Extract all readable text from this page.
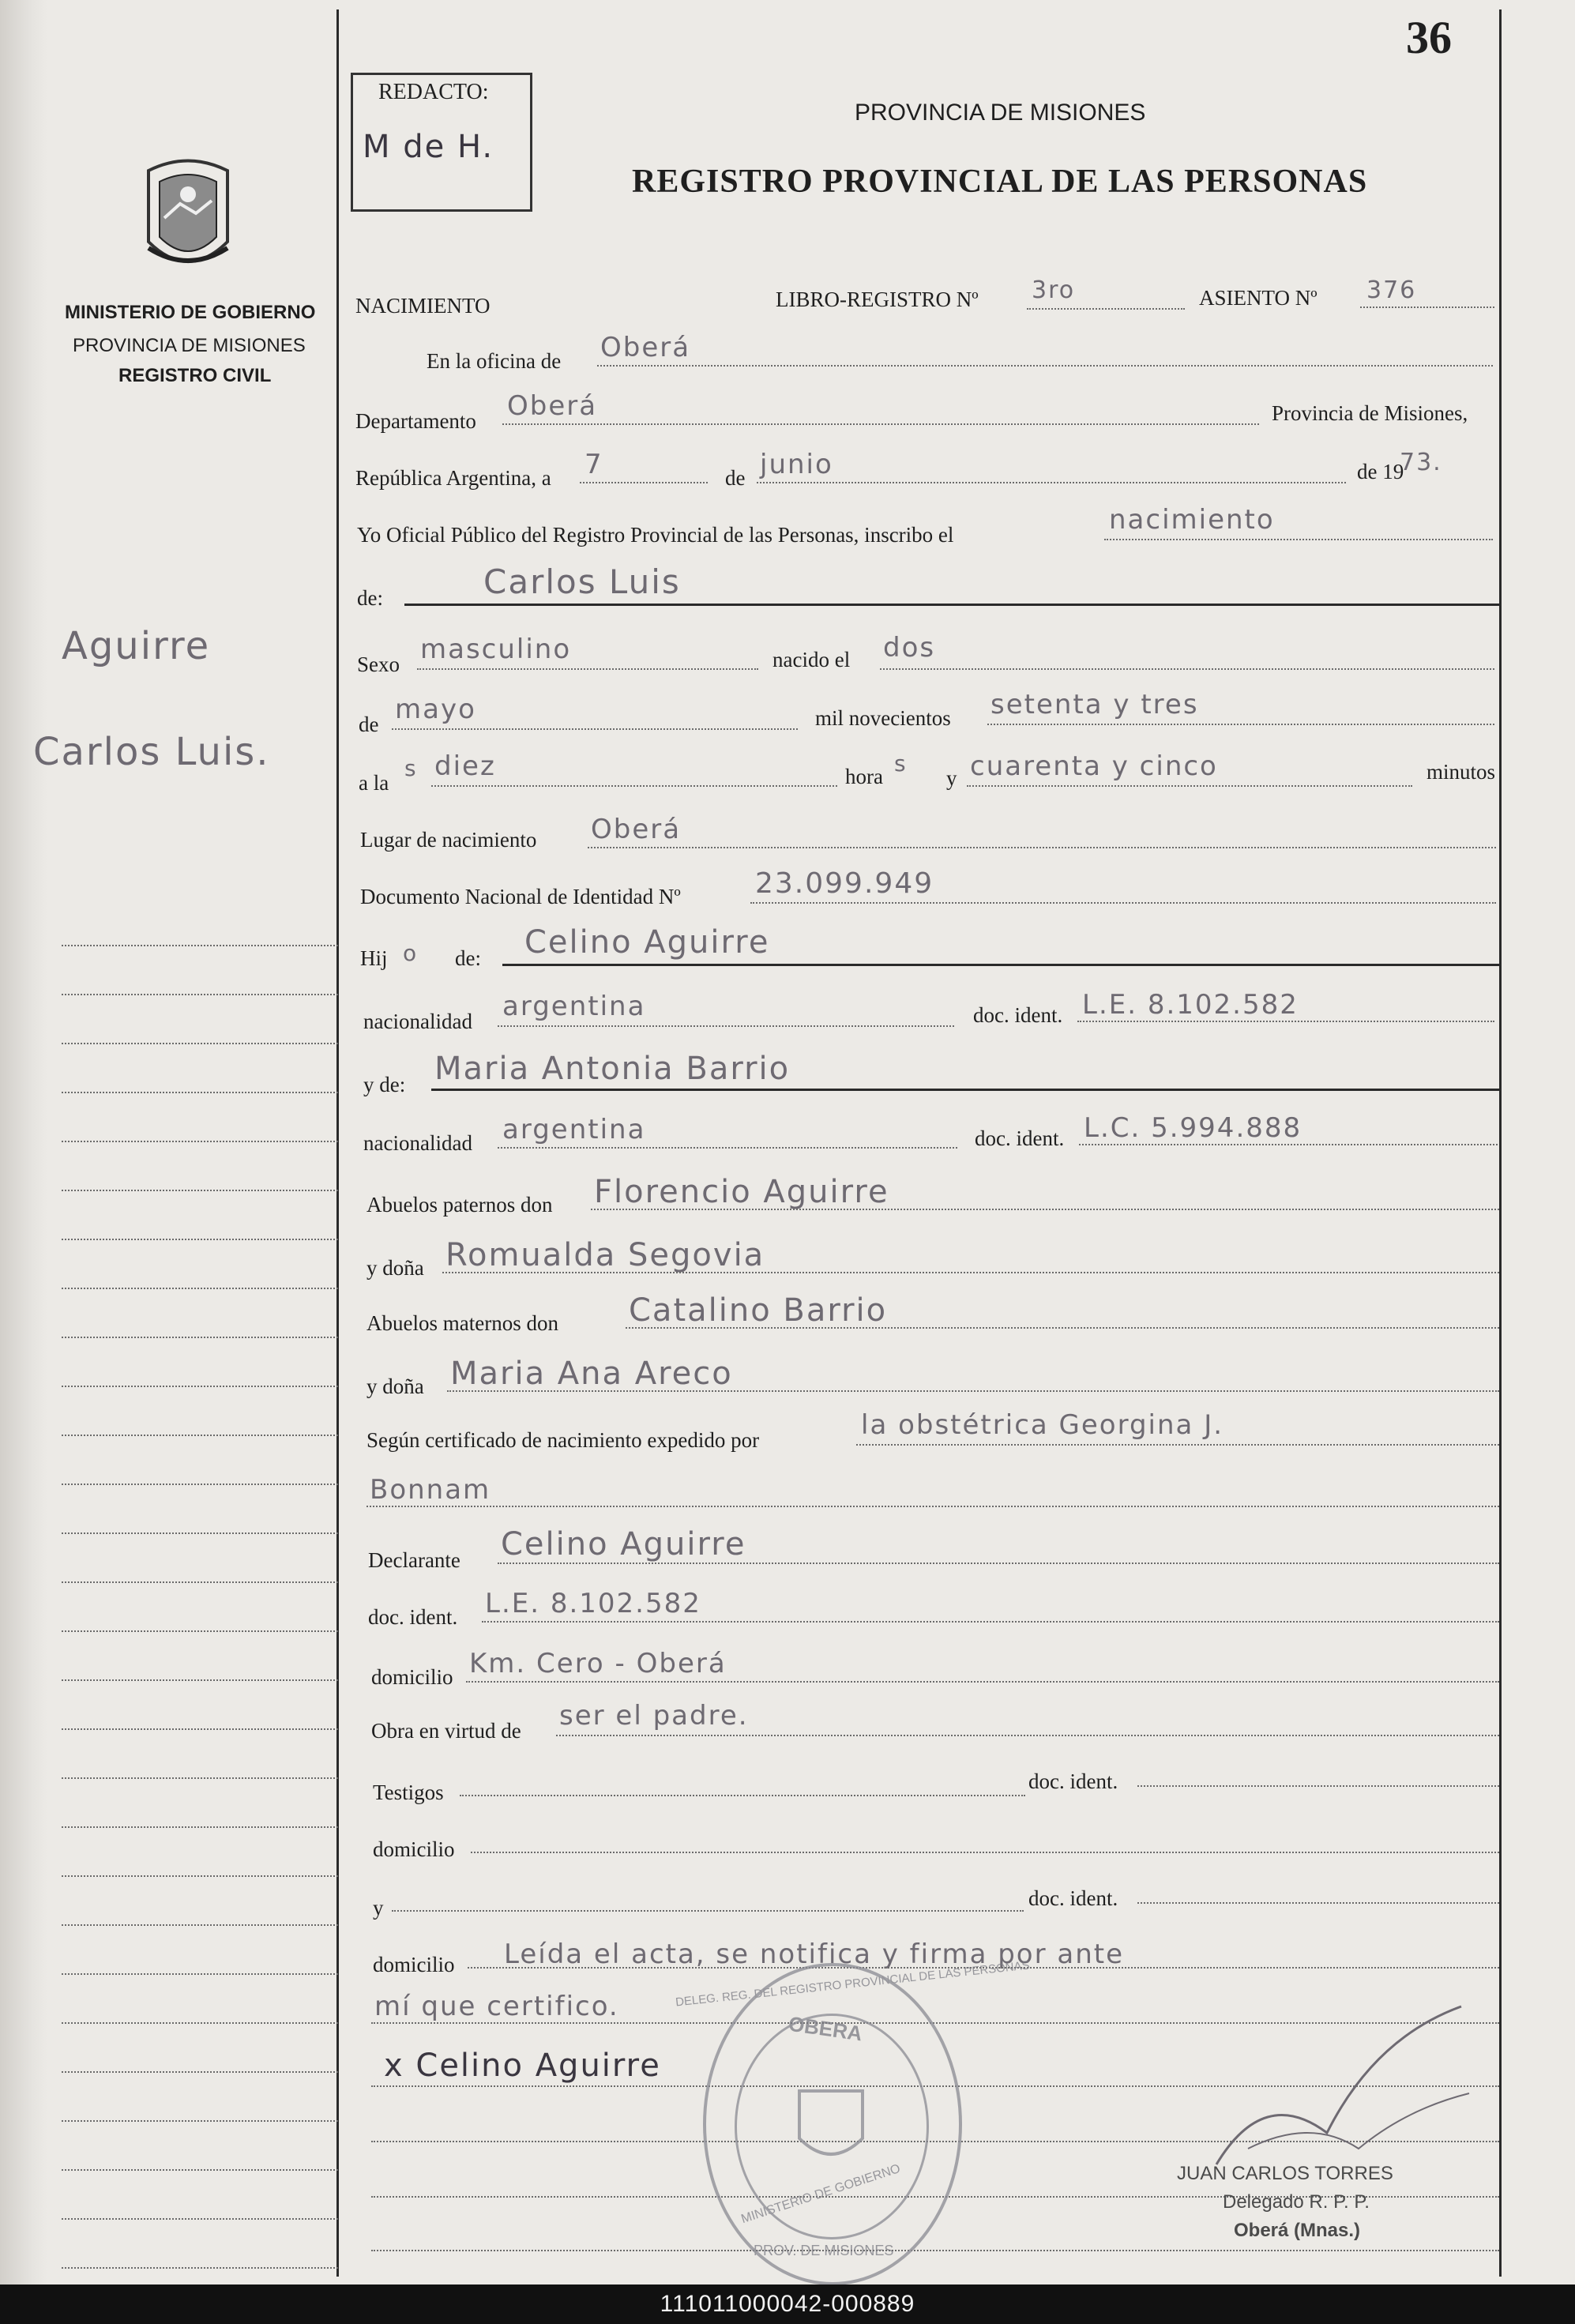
36
MINISTERIO DE GOBIERNO
PROVINCIA DE MISIONES
REGISTRO CIVIL
Aguirre
Carlos Luis.
REDACTO:
M de H.
PROVINCIA DE MISIONES
REGISTRO PROVINCIAL DE LAS PERSONAS
NACIMIENTO	LIBRO-REGISTRO Nº 3ro	ASIENTO Nº 376
En la oficina de Oberá
Departamento Oberá	Provincia de Misiones,
República Argentina, a 7	de junio	de 19
73.
Yo Oficial Público del Registro Provincial de las Personas, inscribo el	nacimiento
de:	Carlos Luis
Sexo masculino	nacido el dos
de mayo	mil novecientos setenta y tres
a la
s diez	hora s
y cuarenta y cinco	minutos
Lugar de nacimiento Oberá
Documento Nacional de Identidad Nº	23.099.949
Hij o de: Celino Aguirre
nacionalidad argentina	doc. ident. L.E. 8.102.582
y de: Maria Antonia Barrio
nacionalidad argentina	doc. ident. L.C. 5.994.888
Abuelos paternos don Florencio Aguirre
y doña Romualda Segovia
Abuelos maternos don Catalino Barrio
y doña Maria Ana Areco
Según certificado de nacimiento expedido por	la obstétrica Georgina J.
Bonnam
Declarante Celino Aguirre
doc. ident. L.E. 8.102.582
domicilio Km. Cero - Oberá
Obra en virtud de ser el padre.
Testigos	doc. ident.
domicilio
y	doc. ident.
domicilio Leída el acta, se notifica y firma por ante
mí que certifico.
x Celino Aguirre
OBERA
DELEG. REG. DEL REGISTRO PROVINCIAL DE LAS PERSONAS
MINISTERIO DE GOBIERNO
PROV. DE MISIONES
JUAN CARLOS TORRES
Delegado R. P. P.
Oberá (Mnas.)
111011000042-000889
